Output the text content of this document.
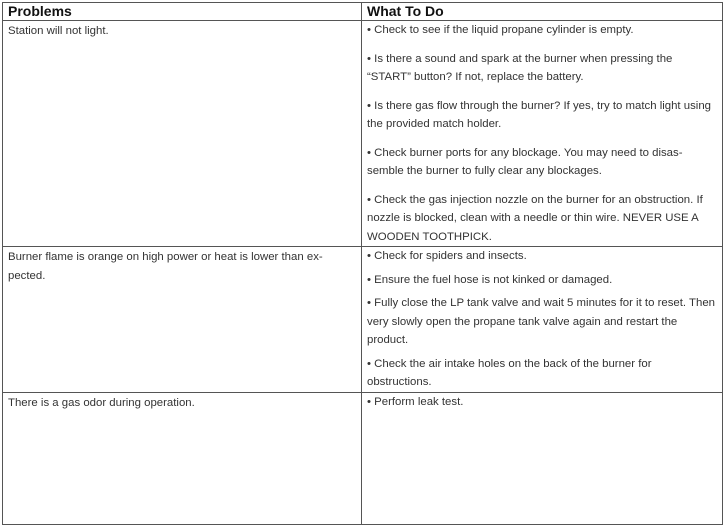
Problems	What To Do

Station will not light.	• Check to see if the liquid propane cylinder is empty.

• Is there a sound and spark at the burner when pressing the “START” button? If not, replace the battery.

• Is there gas flow through the burner? If yes, try to match light using the provided match holder.

• Check burner ports for any blockage. You may need to disas-semble the burner to fully clear any blockages.

• Check the gas injection nozzle on the burner for an obstruction. If nozzle is blocked, clean with a needle or thin wire. NEVER USE A WOODEN TOOTHPICK.

Burner flame is orange on high power or heat is lower than ex-pected.	• Check for spiders and insects.

• Ensure the fuel hose is not kinked or damaged.

• Fully close the LP tank valve and wait 5 minutes for it to reset. Then very slowly open the propane tank valve again and restart the product.

• Check the air intake holes on the back of the burner for obstructions.

There is a gas odor during operation.	• Perform leak test.
